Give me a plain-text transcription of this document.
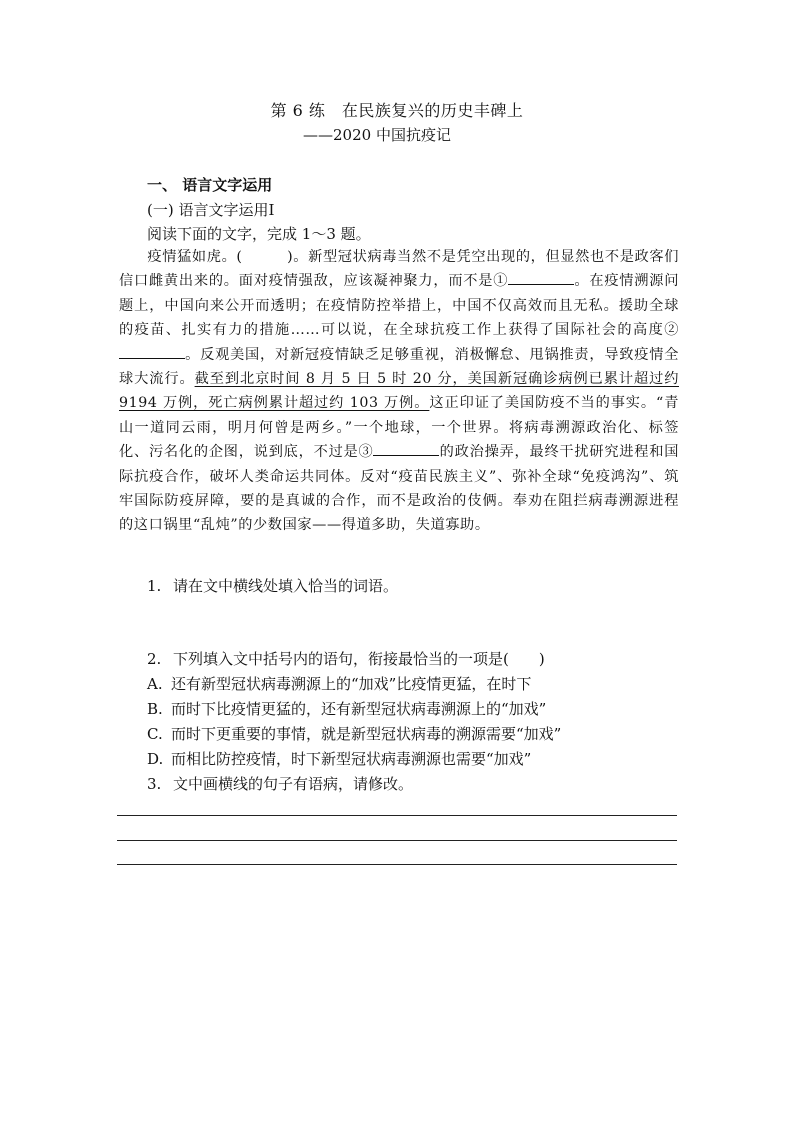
第 6 练　在民族复兴的历史丰碑上
——2020 中国抗疫记
一、 语言文字运用
(一) 语言文字运用Ⅰ
阅读下面的文字，完成 1～3 题。

疫情猛如虎。(　　　)。新型冠状病毒当然不是凭空出现的，但显然也不是政客们信口雌黄出来的。面对疫情强敌，应该凝神聚力，而不是①	。在疫情溯源问题上，中国向来公开而透明；在疫情防控举措上，中国不仅高效而且无私。援助全球的疫苗、扎实有力的措施……可以说，在全球抗疫工作上获得了国际社会的高度②。反观美国，对新冠疫情缺乏足够重视，消极懈怠、甩锅推责，导致疫情全球大流行。截至到北京时间 8 月 5 日 5 时 20 分，美国新冠确诊病例已累计超过约 9194 万例，死亡病例累计超过约 103 万例。这正印证了美国防疫不当的事实。“青山一道同云雨，明月何曾是两乡。”一个地球，一个世界。将病毒溯源政治化、标签化、污名化的企图，说到底，不过是③	的政治操弄，最终干扰研究进程和国际抗疫合作，破坏人类命运共同体。反对“疫苗民族主义”、弥补全球“免疫鸿沟”、筑牢国际防疫屏障，要的是真诚的合作，而不是政治的伎俩。奉劝在阻拦病毒溯源进程的这口锅里“乱炖”的少数国家——得道多助，失道寡助。

1. 请在文中横线处填入恰当的词语。
2. 下列填入文中括号内的语句，衔接最恰当的一项是(　　)
A. 还有新型冠状病毒溯源上的“加戏”比疫情更猛，在时下
B. 而时下比疫情更猛的，还有新型冠状病毒溯源上的“加戏”
C. 而时下更重要的事情，就是新型冠状病毒的溯源需要“加戏”
D. 而相比防控疫情，时下新型冠状病毒溯源也需要“加戏”
3. 文中画横线的句子有语病，请修改。
